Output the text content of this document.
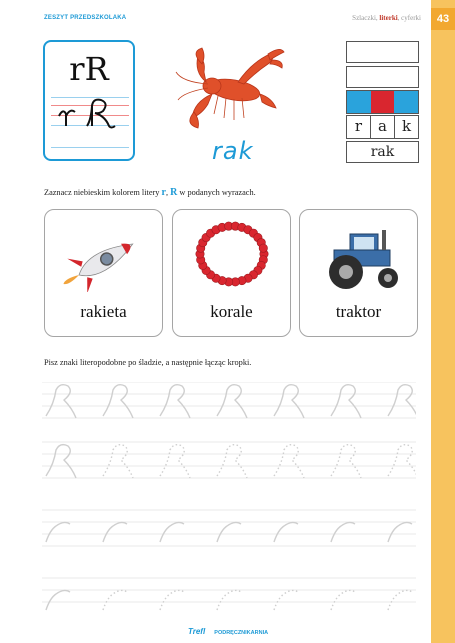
ZESZYT PRZEDSZKOLAKA	Szlaczki, literki, cyferki	43
rR
rak
r	a k
rak
Zaznacz niebieskim kolorem litery r, R w podanych wyrazach.
rakieta	korale	traktor
Pisz znaki literopodobne po śladzie, a następnie łącząc kropki.
Trefl PODRĘCZNIKARNIA
